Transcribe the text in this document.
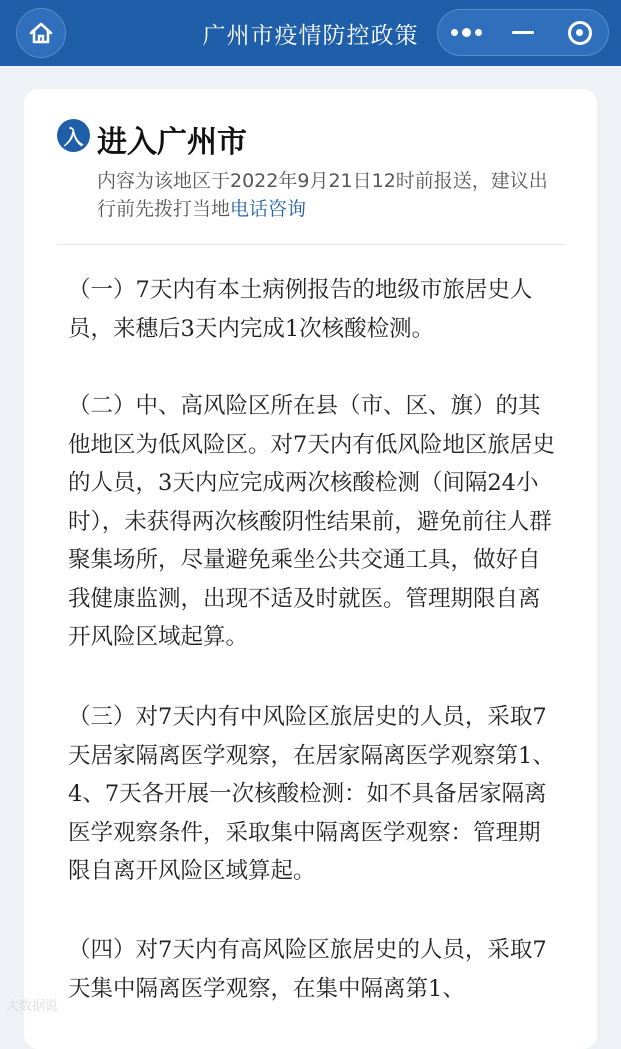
广州市疫情防控政策
入 进入广州市
内容为该地区于2022年9月21日12时前报送，建议出行前先拨打当地电话咨询
（一）7天内有本土病例报告的地级市旅居史人员，来穗后3天内完成1次核酸检测。
（二）中、高风险区所在县（市、区、旗）的其他地区为低风险区。对7天内有低风险地区旅居史的人员，3天内应完成两次核酸检测（间隔24小时），未获得两次核酸阴性结果前，避免前往人群聚集场所，尽量避免乘坐公共交通工具，做好自我健康监测，出现不适及时就医。管理期限自离开风险区域起算。
（三）对7天内有中风险区旅居史的人员，采取7天居家隔离医学观察，在居家隔离医学观察第1、4、7天各开展一次核酸检测：如不具备居家隔离医学观察条件，采取集中隔离医学观察：管理期限自离开风险区域算起。
（四）对7天内有高风险区旅居史的人员，采取7天集中隔离医学观察，在集中隔离第1、
大数据说
